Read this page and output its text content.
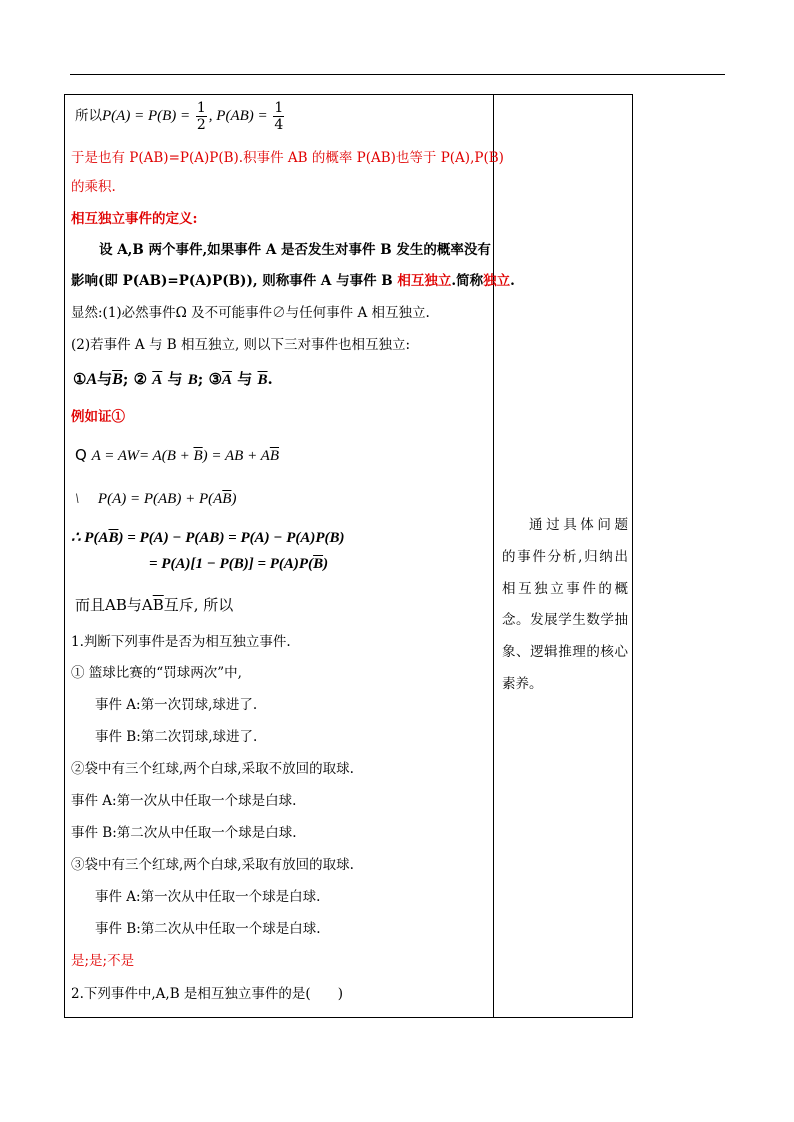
所以$P(A) = P(B) = \frac{1}{2}$ , $P(AB) = \frac{1}{4}$
于是也有 P(AB)=P(A)P(B).积事件 AB 的概率 P(AB)也等于 P(A),P(B)
的乘积.
相互独立事件的定义:
设 A,B 两个事件,如果事件 A 是否发生对事件 B 发生的概率没有
影响(即 P(AB)=P(A)P(B)), 则称事件 A 与事件 B 相互独立.简称独立.
显然:(1)必然事件Ω 及不可能事件∅与任何事件 A 相互独立.
(2)若事件 A 与 B 相互独立, 则以下三对事件也相互独立:
①A与$\overline{B}$; ② $\overline{A}$ 与 B; $③\overline{A}$ 与 $\overline{B}$.
例如证①
Q $A = AW= A(B + \overline{B})$ = AB + $A\overline{B}$
\     $P(A) = P(AB) + P(A\overline{B})$
∴ $P(A\overline{B}) = P(A) - P(AB) = P(A) - P(A)P(B)$
= $P(A)[1 - P(B)] = P(A)P(\overline{B})$
而且AB与$A\overline{B}$互斥, 所以
1.判断下列事件是否为相互独立事件.
① 篮球比赛的“罚球两次”中,
事件 A:第一次罚球,球进了.
事件 B:第二次罚球,球进了.
②袋中有三个红球,两个白球,采取不放回的取球.
事件 A:第一次从中任取一个球是白球.
事件 B:第二次从中任取一个球是白球.
③袋中有三个红球,两个白球,采取有放回的取球.
事件 A:第一次从中任取一个球是白球.
事件 B:第二次从中任取一个球是白球.
是;是;不是
2.下列事件中,A,B 是相互独立事件的是(　　)
通过具体问题
的事件分析,归纳出
相互独立事件的概
念。发展学生数学抽
象、逻辑推理的核心
素养。
